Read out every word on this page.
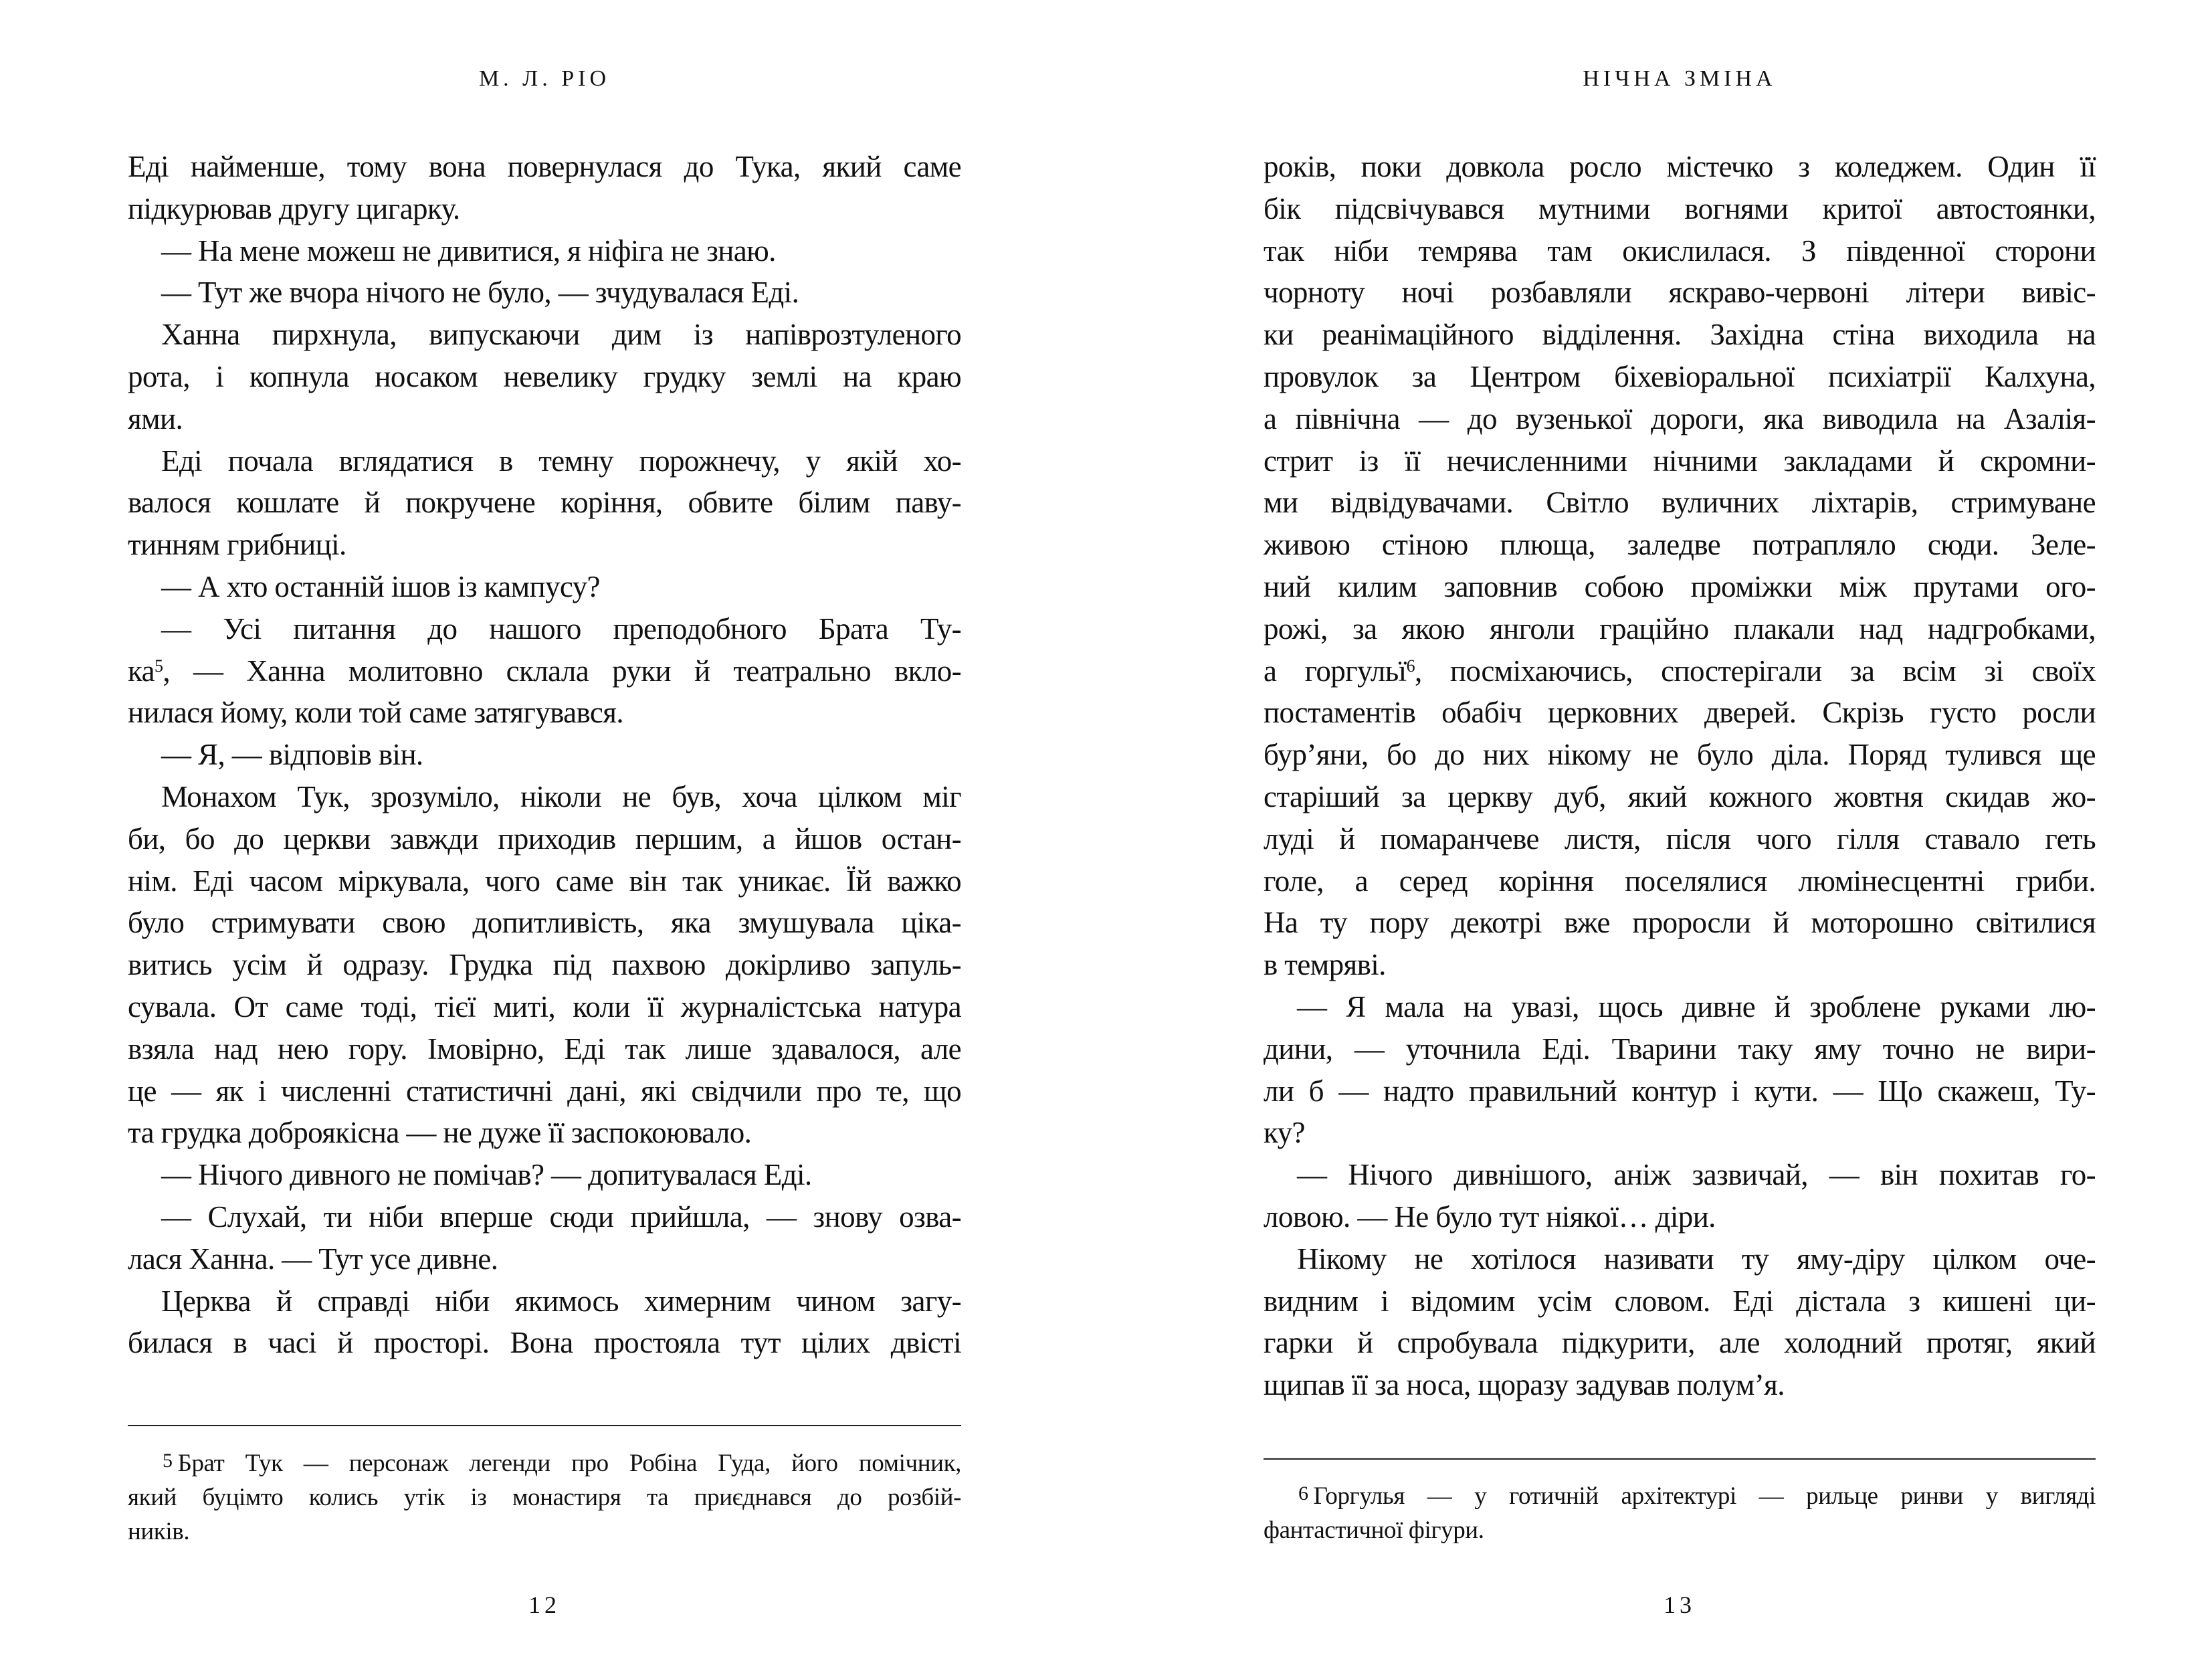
М. Л. РІО
Еді найменше, тому вона повернулася до Тука, який саме
підкурював другу цигарку.
— На мене можеш не дивитися, я ніфіга не знаю.
— Тут же вчора нічого не було, — зчудувалася Еді.
Ханна пирхнула, випускаючи дим із напіврозтуленого
рота, і копнула носаком невелику грудку землі на краю
ями.
Еді почала вглядатися в темну порожнечу, у якій хо-
валося кошлате й покручене коріння, обвите білим паву-
тинням грибниці.
— А хто останній ішов із кампусу?
— Усі питання до нашого преподобного Брата Ту-
$ка^5$, — Ханна молитовно склала руки й театрально вкло-
нилася йому, коли той саме затягувався.
— Я, — відповів він.
Монахом Тук, зрозуміло, ніколи не був, хоча цілком міг
би, бо до церкви завжди приходив першим, а йшов остан-
нім. Еді часом міркувала, чого саме він так уникає. Їй важко
було стримувати свою допитливість, яка змушувала ціка-
витись усім й одразу. Грудка під пахвою докірливо запуль-
сувала. От саме тоді, тієї миті, коли її журналістська натура
взяла над нею гору. Імовірно, Еді так лише здавалося, але
це — як і численні статистичні дані, які свідчили про те, що
та грудка доброякісна — не дуже її заспокоювало.
— Нічого дивного не помічав? — допитувалася Еді.
— Слухай, ти ніби вперше сюди прийшла, — знову озва-
лася Ханна. — Тут усе дивне.
Церква й справді ніби якимось химерним чином загу-
билася в часі й просторі. Вона простояла тут цілих двісті
5 Брат Тук — персонаж легенди про Робіна Гуда, його помічник,
який буцімто колись утік із монастиря та приєднався до розбій-
ників.
12
НІЧНА ЗМІНА
років, поки довкола росло містечко з коледжем. Один її
бік підсвічувався мутними вогнями критої автостоянки,
так ніби темрява там окислилася. З південної сторони
чорноту ночі розбавляли яскраво-червоні літери вивіс-
ки реанімаційного відділення. Західна стіна виходила на
провулок за Центром біхевіоральної психіатрії Калхуна,
а північна — до вузенької дороги, яка виводила на Азалія-
стрит із її нечисленними нічними закладами й скромни-
ми відвідувачами. Світло вуличних ліхтарів, стримуване
живою стіною плюща, заледве потрапляло сюди. Зеле-
ний килим заповнив собою проміжки між прутами ого-
рожі, за якою янголи граційно плакали над надгробками,
а горгульї$^6$, посміхаючись, спостерігали за всім зі своїх
постаментів обабіч церковних дверей. Скрізь густо росли
бур’яни, бо до них нікому не було діла. Поряд тулився ще
старіший за церкву дуб, який кожного жовтня скидав жо-
луді й помаранчеве листя, після чого гілля ставало геть
голе, а серед коріння поселялися люмінесцентні гриби.
На ту пору декотрі вже проросли й моторошно світилися
в темряві.
— Я мала на увазі, щось дивне й зроблене руками лю-
дини, — уточнила Еді. Тварини таку яму точно не вири-
ли б — надто правильний контур і кути. — Що скажеш, Ту-
ку?
— Нічого дивнішого, аніж зазвичай, — він похитав го-
ловою. — Не було тут ніякої… діри.
Нікому не хотілося називати ту яму-діру цілком оче-
видним і відомим усім словом. Еді дістала з кишені ци-
гарки й спробувала підкурити, але холодний протяг, який
щипав її за носа, щоразу задував полум’я.
6 Горгулья — у готичній архітектурі — рильце ринви у вигляді
фантастичної фігури.
13
